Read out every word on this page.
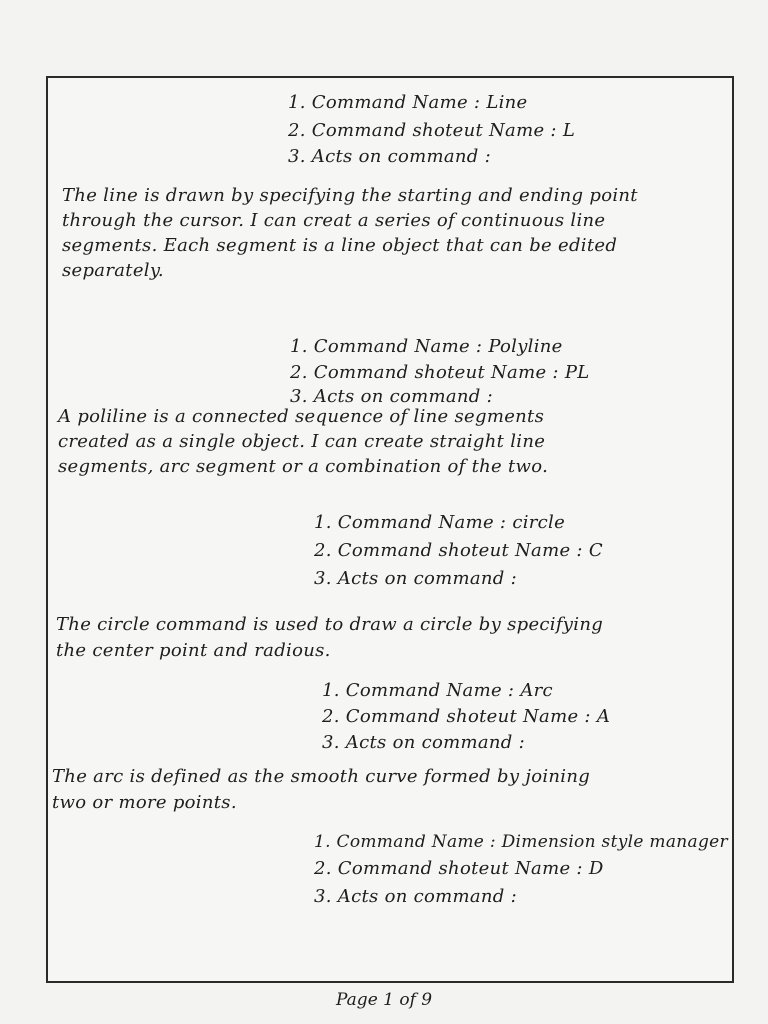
1. Command Name : Line
2. Command shoteut Name : L
3. Acts on command :
The line is drawn by specifying the starting and ending point
through the cursor. I can creat a series of continuous line
segments. Each segment is a line object that can be edited
separately.
1. Command Name : Polyline
2. Command shoteut Name : PL
3. Acts on command :
A poliline is a connected sequence of line segments
created as a single object. I can create straight line
segments, arc segment or a combination of the two.
1. Command Name : circle
2. Command shoteut Name : C
3. Acts on command :
The circle command is used to draw a circle by specifying
the center point and radious.
1. Command Name : Arc
2. Command shoteut Name : A
3. Acts on command :
The arc is defined as the smooth curve formed by joining
two or more points.
1. Command Name : Dimension style manager
2. Command shoteut Name : D
3. Acts on command :
Page 1 of 9
